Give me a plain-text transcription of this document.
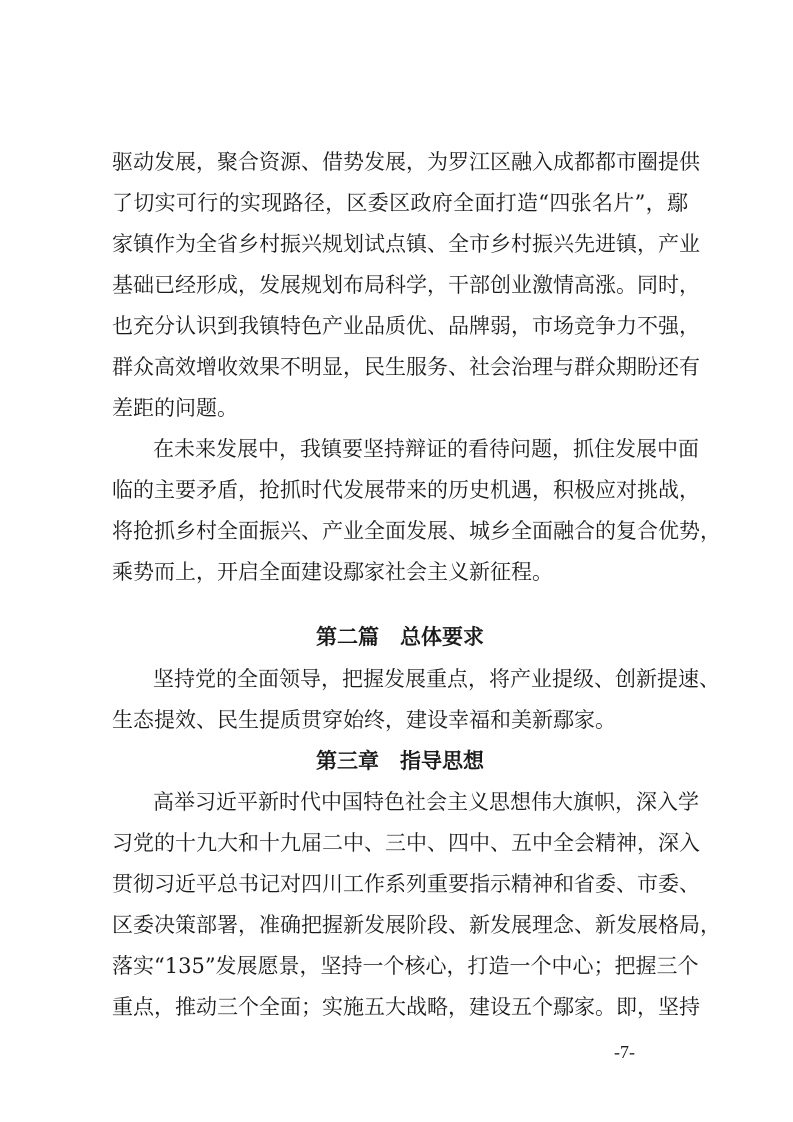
驱动发展，聚合资源、借势发展，为罗江区融入成都都市圈提供
了切实可行的实现路径，区委区政府全面打造“四张名片”，鄢
家镇作为全省乡村振兴规划试点镇、全市乡村振兴先进镇，产业
基础已经形成，发展规划布局科学，干部创业激情高涨。同时，
也充分认识到我镇特色产业品质优、品牌弱，市场竞争力不强，
群众高效增收效果不明显，民生服务、社会治理与群众期盼还有
差距的问题。
在未来发展中，我镇要坚持辩证的看待问题，抓住发展中面
临的主要矛盾，抢抓时代发展带来的历史机遇，积极应对挑战，
将抢抓乡村全面振兴、产业全面发展、城乡全面融合的复合优势，
乘势而上，开启全面建设鄢家社会主义新征程。
第二篇　总体要求
坚持党的全面领导，把握发展重点，将产业提级、创新提速、
生态提效、民生提质贯穿始终，建设幸福和美新鄢家。
第三章　指导思想
高举习近平新时代中国特色社会主义思想伟大旗帜，深入学
习党的十九大和十九届二中、三中、四中、五中全会精神，深入
贯彻习近平总书记对四川工作系列重要指示精神和省委、市委、
区委决策部署，准确把握新发展阶段、新发展理念、新发展格局，
落实“135”发展愿景，坚持一个核心，打造一个中心；把握三个
重点，推动三个全面；实施五大战略，建设五个鄢家。即，坚持
-7-
